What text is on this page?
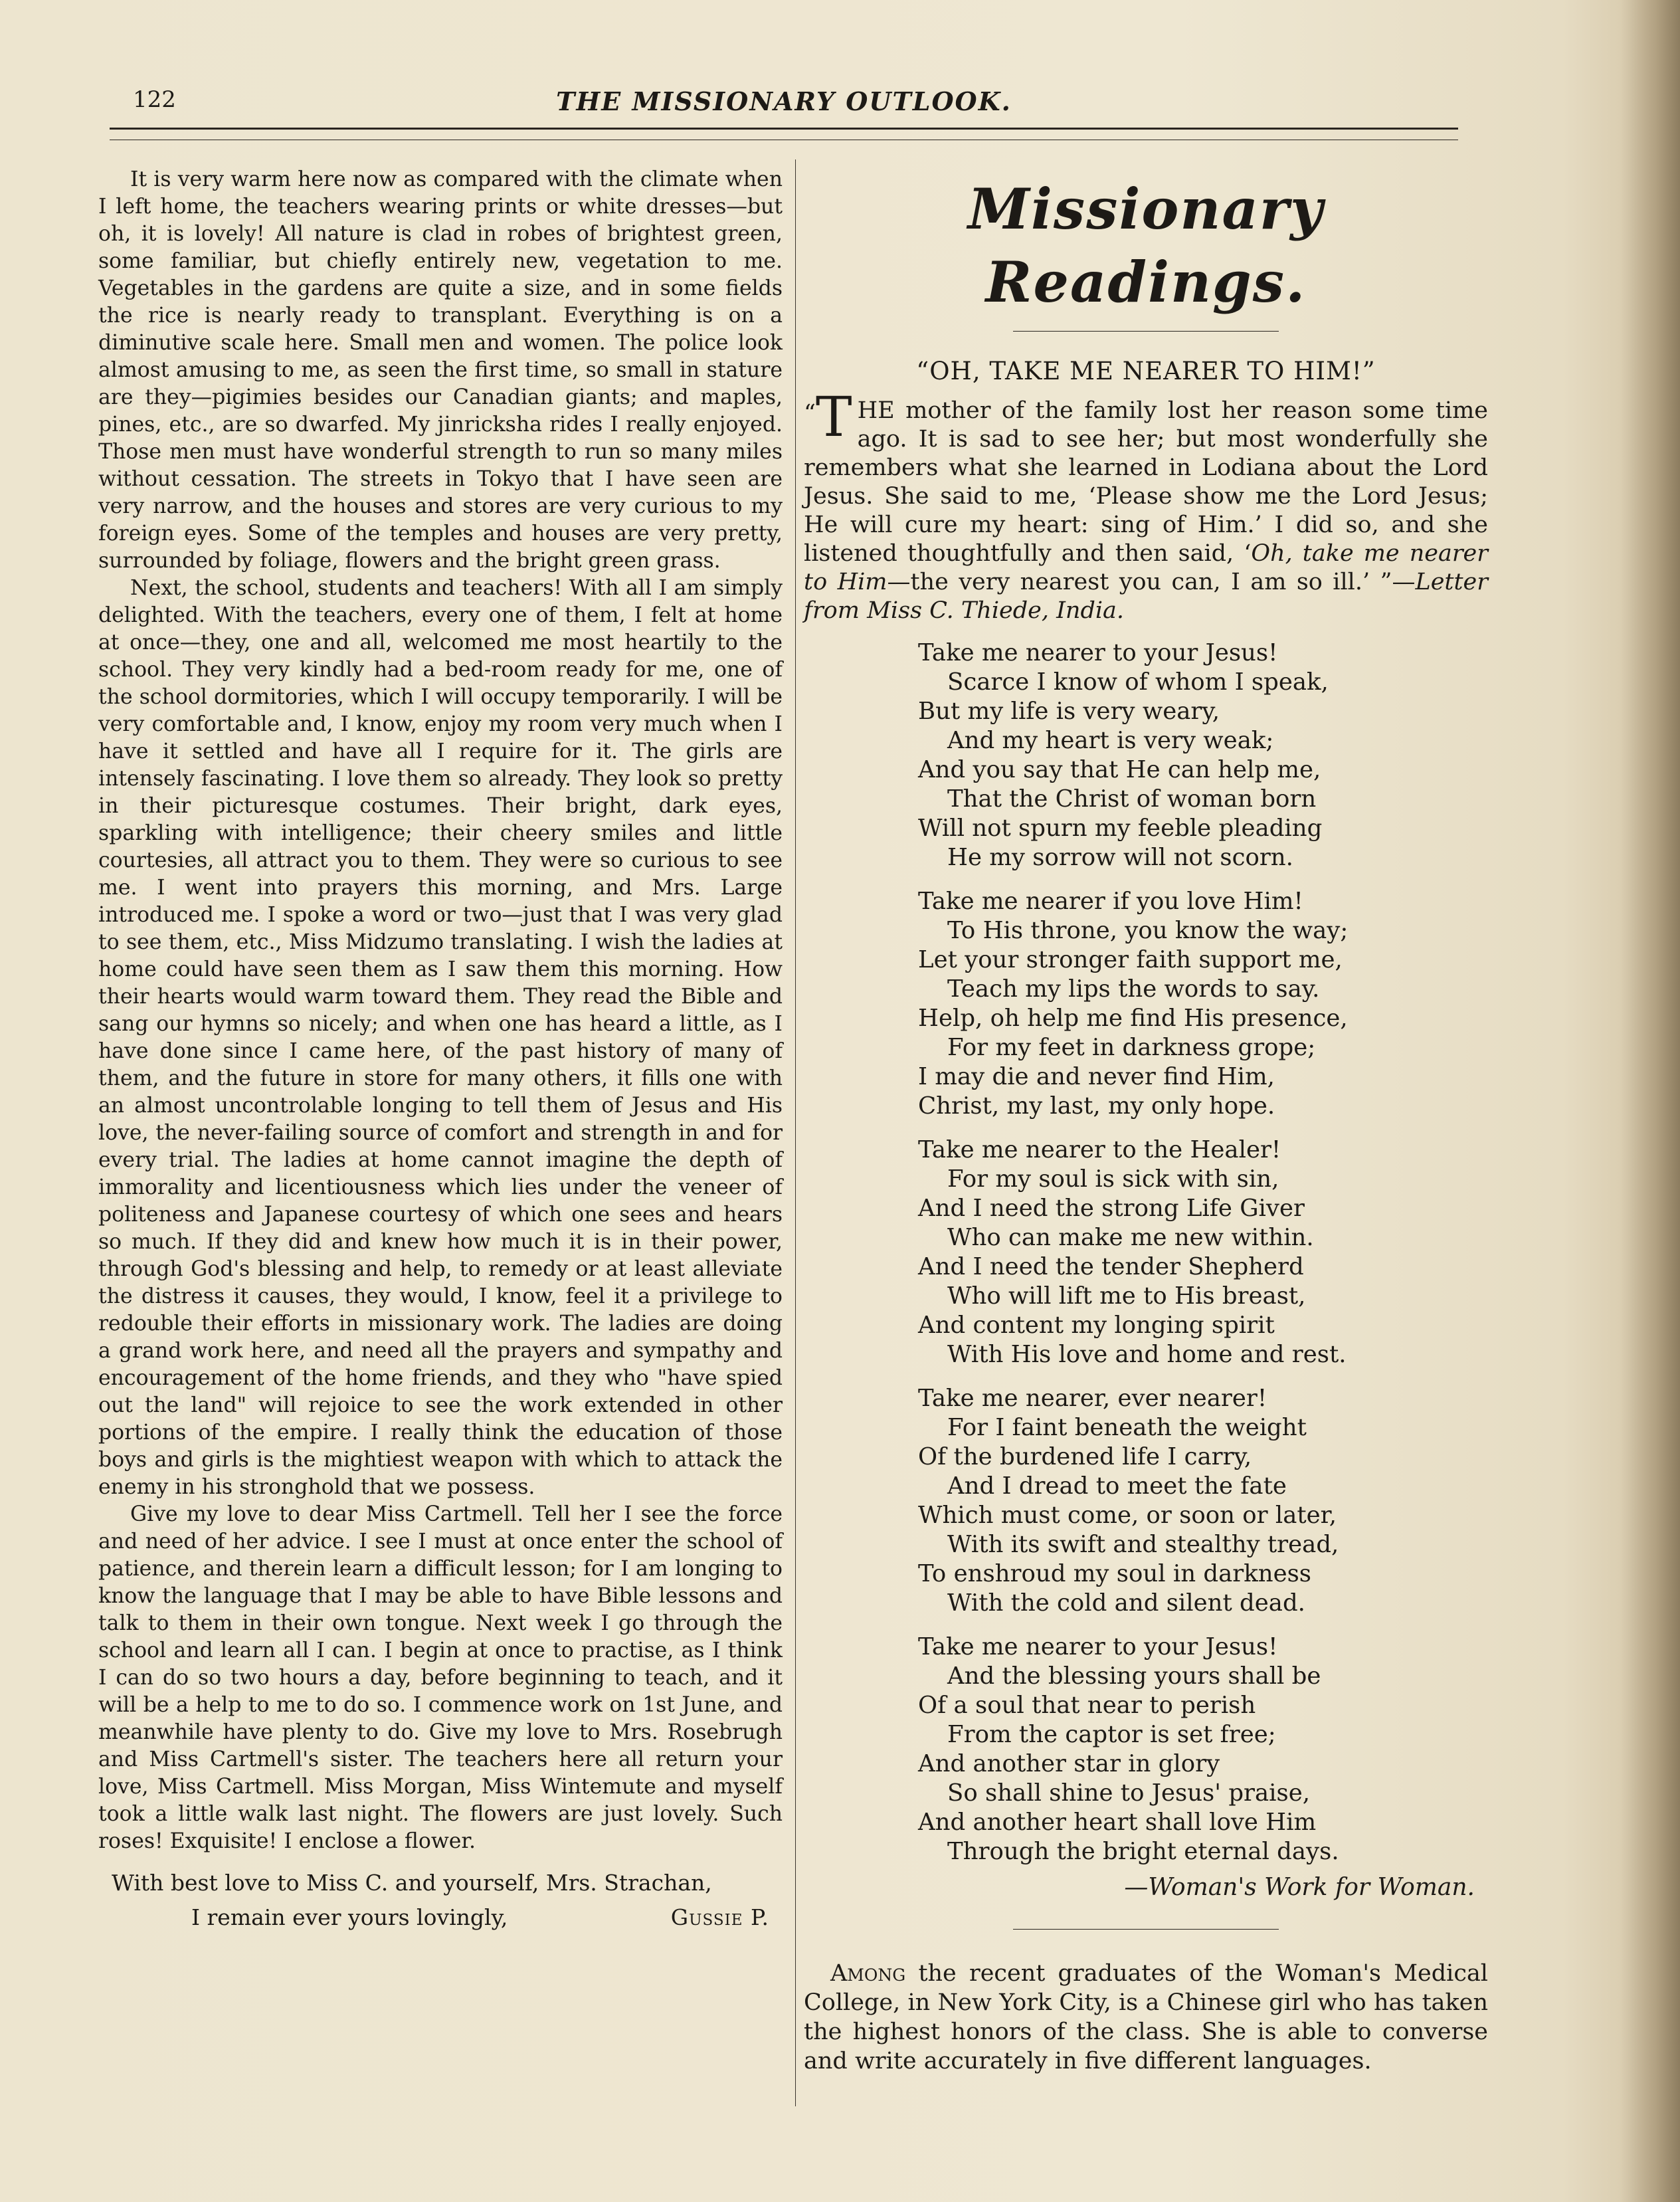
122	THE MISSIONARY OUTLOOK.

It is very warm here now as compared with the climate when I left home, the teachers wearing prints or white dresses—but oh, it is lovely! All nature is clad in robes of brightest green, some familiar, but chiefly entirely new, vegetation to me. Vegetables in the gardens are quite a size, and in some fields the rice is nearly ready to transplant. Everything is on a diminutive scale here. Small men and women. The police look almost amusing to me, as seen the first time, so small in stature are they—pigimies besides our Canadian giants; and maples, pines, etc., are so dwarfed. My jinricksha rides I really enjoyed. Those men must have wonderful strength to run so many miles without cessation. The streets in Tokyo that I have seen are very narrow, and the houses and stores are very curious to my foreign eyes. Some of the temples and houses are very pretty, surrounded by foliage, flowers and the bright green grass.

Next, the school, students and teachers! With all I am simply delighted. With the teachers, every one of them, I felt at home at once—they, one and all, welcomed me most heartily to the school. They very kindly had a bed-room ready for me, one of the school dormitories, which I will occupy temporarily. I will be very comfortable and, I know, enjoy my room very much when I have it settled and have all I require for it. The girls are intensely fascinating. I love them so already. They look so pretty in their picturesque costumes. Their bright, dark eyes, sparkling with intelligence; their cheery smiles and little courtesies, all attract you to them. They were so curious to see me. I went into prayers this morning, and Mrs. Large introduced me. I spoke a word or two—just that I was very glad to see them, etc., Miss Midzumo translating. I wish the ladies at home could have seen them as I saw them this morning. How their hearts would warm toward them. They read the Bible and sang our hymns so nicely; and when one has heard a little, as I have done since I came here, of the past history of many of them, and the future in store for many others, it fills one with an almost uncontrolable longing to tell them of Jesus and His love, the never-failing source of comfort and strength in and for every trial. The ladies at home cannot imagine the depth of immorality and licentiousness which lies under the veneer of politeness and Japanese courtesy of which one sees and hears so much. If they did and knew how much it is in their power, through God's blessing and help, to remedy or at least alleviate the distress it causes, they would, I know, feel it a privilege to redouble their efforts in missionary work. The ladies are doing a grand work here, and need all the prayers and sympathy and encouragement of the home friends, and they who "have spied out the land" will rejoice to see the work extended in other portions of the empire. I really think the education of those boys and girls is the mightiest weapon with which to attack the enemy in his stronghold that we possess.

Give my love to dear Miss Cartmell. Tell her I see the force and need of her advice. I see I must at once enter the school of patience, and therein learn a difficult lesson; for I am longing to know the language that I may be able to have Bible lessons and talk to them in their own tongue. Next week I go through the school and learn all I can. I begin at once to practise, as I think I can do so two hours a day, before beginning to teach, and it will be a help to me to do so. I commence work on 1st June, and meanwhile have plenty to do. Give my love to Mrs. Rosebrugh and Miss Cartmell's sister. The teachers here all return your love, Miss Cartmell. Miss Morgan, Miss Wintemute and myself took a little walk last night. The flowers are just lovely. Such roses! Exquisite! I enclose a flower.

With best love to Miss C. and yourself, Mrs. Strachan,
I remain ever yours lovingly,	Gussie P.
Missionary Readings.
“OH, TAKE ME NEARER TO HIM!”
“ T HE mother of the family lost her reason some time ago. It is sad to see her; but most wonderfully she remembers what she learned in Lodiana about the Lord Jesus. She said to me, ‘Please show me the Lord Jesus; He will cure my heart: sing of Him.’ I did so, and she listened thoughtfully and then said, ‘Oh, take me nearer to Him—the very nearest you can, I am so ill.’ ”—Letter from Miss C. Thiede, India.
Take me nearer to your Jesus!
Scarce I know of whom I speak,
But my life is very weary,
And my heart is very weak;
And you say that He can help me,
That the Christ of woman born
Will not spurn my feeble pleading
He my sorrow will not scorn.
Take me nearer if you love Him!
To His throne, you know the way;
Let your stronger faith support me,
Teach my lips the words to say.
Help, oh help me find His presence,
For my feet in darkness grope;
I may die and never find Him,
Christ, my last, my only hope.
Take me nearer to the Healer!
For my soul is sick with sin,
And I need the strong Life Giver
Who can make me new within.
And I need the tender Shepherd
Who will lift me to His breast,
And content my longing spirit
With His love and home and rest.
Take me nearer, ever nearer!
For I faint beneath the weight
Of the burdened life I carry,
And I dread to meet the fate
Which must come, or soon or later,
With its swift and stealthy tread,
To enshroud my soul in darkness
With the cold and silent dead.
Take me nearer to your Jesus!
And the blessing yours shall be
Of a soul that near to perish
From the captor is set free;
And another star in glory
So shall shine to Jesus' praise,
And another heart shall love Him
Through the bright eternal days.
—Woman's Work for Woman.
Among the recent graduates of the Woman's Medical College, in New York City, is a Chinese girl who has taken the highest honors of the class. She is able to converse and write accurately in five different languages.
